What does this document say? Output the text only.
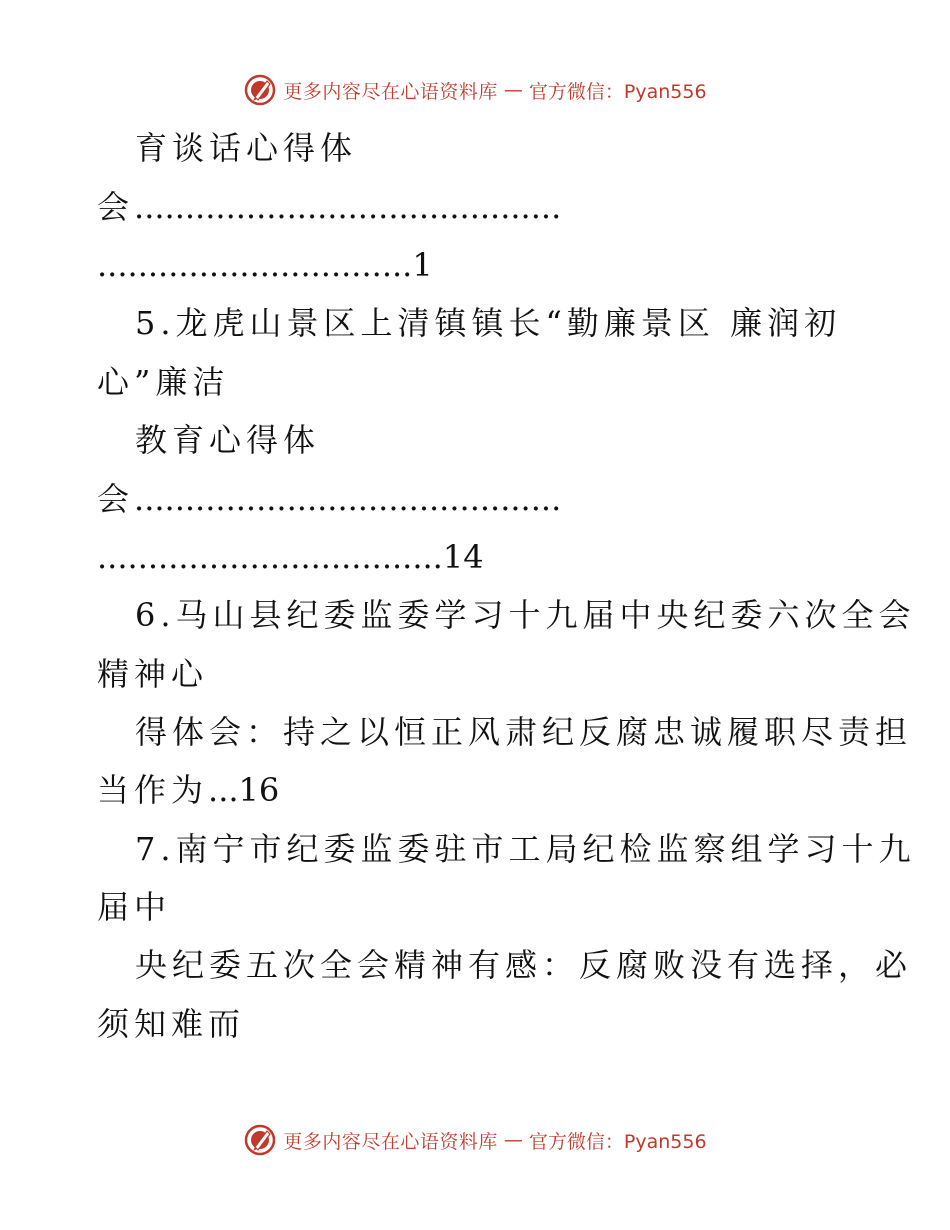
更多内容尽在心语资料库 — 官方微信：Pyan556
育谈话心得体
会..........................................
...............................1
5.龙虎山景区上清镇镇长“勤廉景区 廉润初
心”廉洁
教育心得体
会..........................................
..................................14
6.马山县纪委监委学习十九届中央纪委六次全会
精神心
得体会：持之以恒正风肃纪反腐忠诚履职尽责担
当作为...16
7.南宁市纪委监委驻市工局纪检监察组学习十九
届中
央纪委五次全会精神有感：反腐败没有选择，必
须知难而
更多内容尽在心语资料库 — 官方微信：Pyan556
